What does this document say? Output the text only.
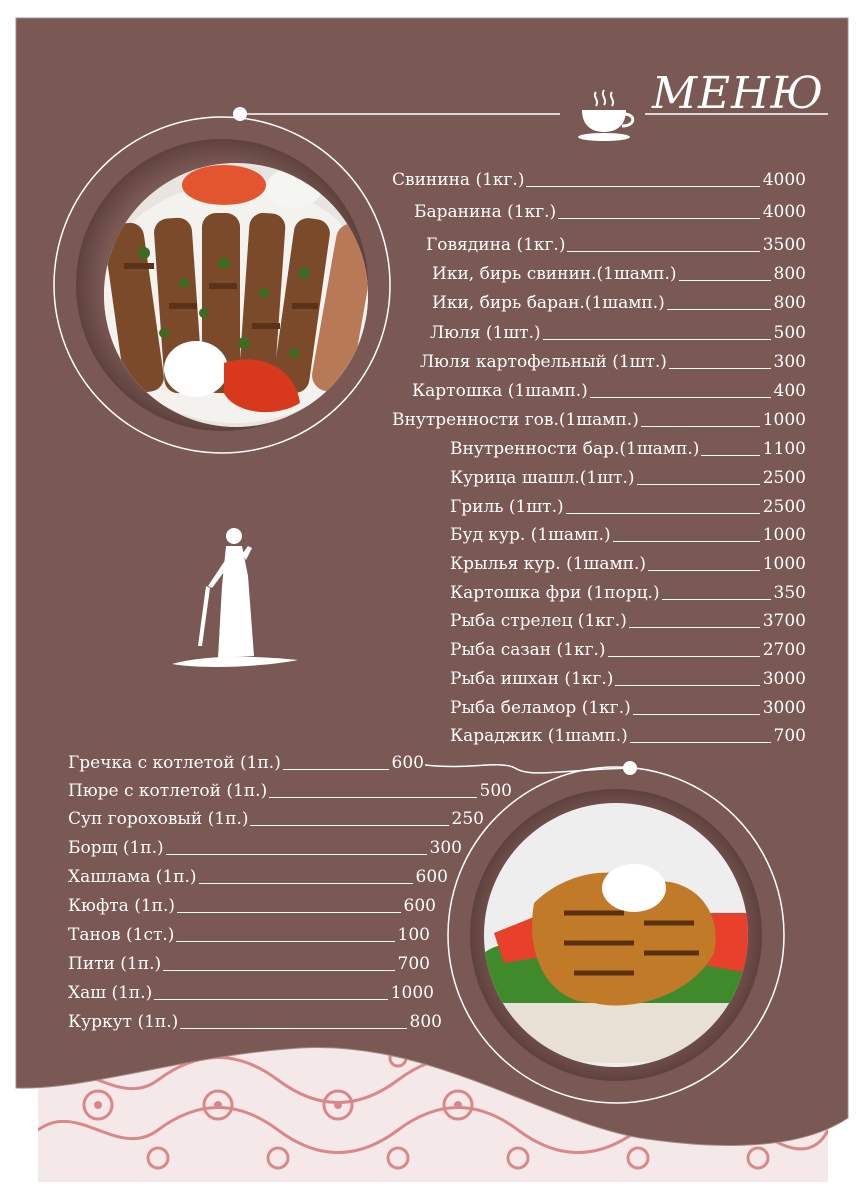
МЕНЮ
Свинина (1кг.)	4000
Баранина (1кг.)	4000
Говядина (1кг.)	3500
Ики, бирь свинин.(1шамп.)	800
Ики, бирь баран.(1шамп.)	800
Люля (1шт.)	500
Люля картофельный (1шт.)	300
Картошка (1шамп.)	400
Внутренности гов.(1шамп.)	1000
Внутренности бар.(1шамп.)	1100
Курица шашл.(1шт.)	2500
Гриль (1шт.)	2500
Буд кур. (1шамп.)	1000
Крылья кур. (1шамп.)	1000
Картошка фри (1порц.)	350
Рыба стрелец (1кг.)	3700
Рыба сазан (1кг.)	2700
Рыба ишхан (1кг.)	3000
Рыба беламор (1кг.)	3000
Караджик (1шамп.)	700
Гречка с котлетой (1п.)	600
Пюре с котлетой (1п.)	500
Суп гороховый (1п.)	250
Борщ (1п.)	300
Хашлама (1п.)	600
Кюфта (1п.)	600
Танов (1ст.)	100
Пити (1п.)	700
Хаш (1п.)	1000
Куркут (1п.)	800
